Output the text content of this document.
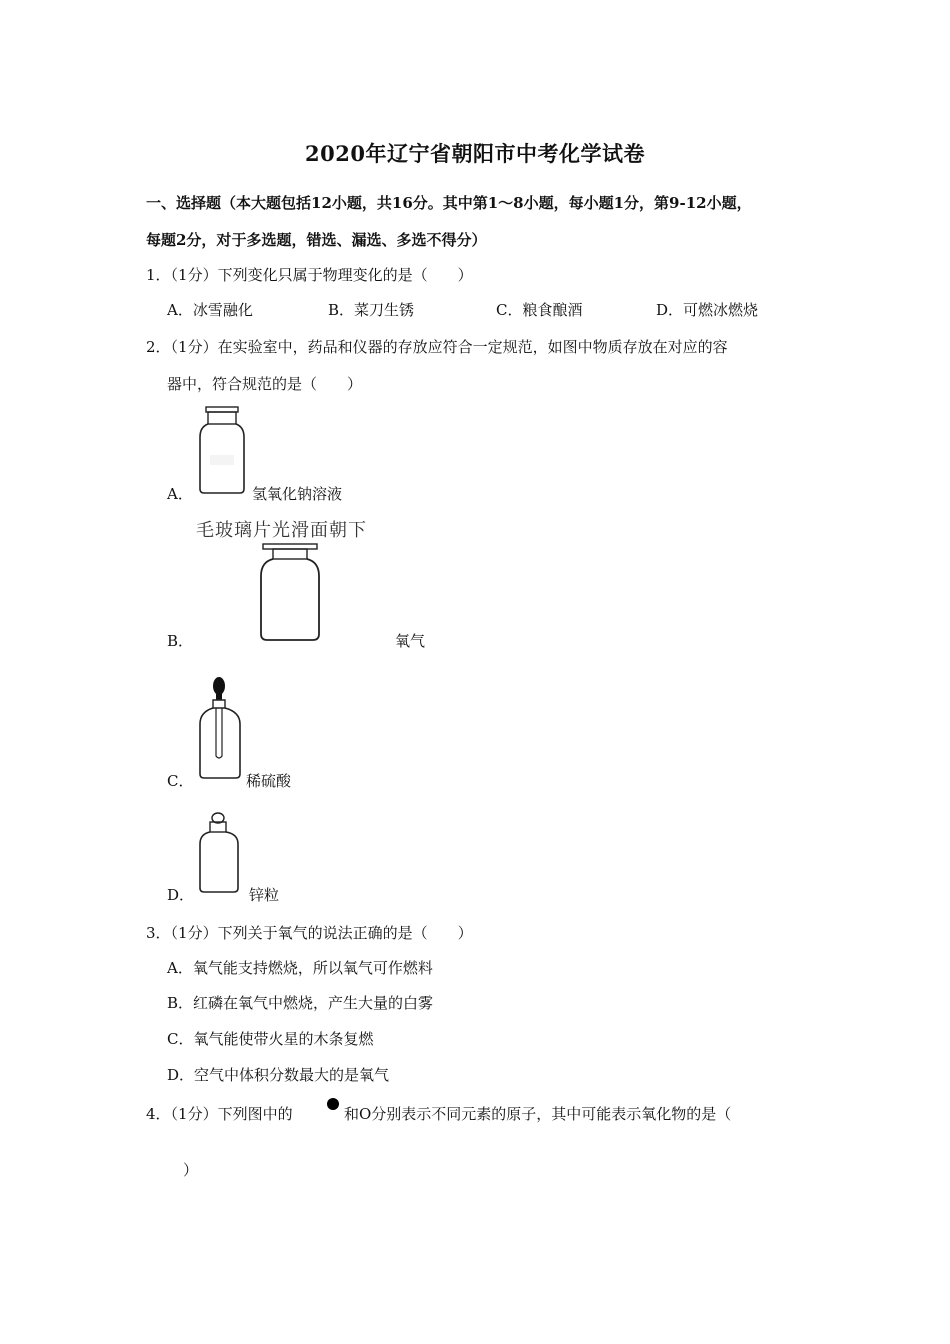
2020年辽宁省朝阳市中考化学试卷
一、选择题（本大题包括12小题，共16分。其中第1～8小题，每小题1分，第9-12小题，
每题2分，对于多选题，错选、漏选、多选不得分）
1．（1分）下列变化只属于物理变化的是（　　）
A．冰雪融化	B．菜刀生锈	C．粮食酿酒	D．可燃冰燃烧
2．（1分）在实验室中，药品和仪器的存放应符合一定规范，如图中物质存放在对应的容
器中，符合规范的是（　　）
A．	氢氧化钠溶液
毛玻璃片光滑面朝下
B．	氧气
C．	稀硫酸
D．	锌粒
3．（1分）下列关于氧气的说法正确的是（　　）
A．氧气能支持燃烧，所以氧气可作燃料
B．红磷在氧气中燃烧，产生大量的白雾
C．氧气能使带火星的木条复燃
D．空气中体积分数最大的是氧气
4．（1分）下列图中的	和O分别表示不同元素的原子，其中可能表示氧化物的是（
）
